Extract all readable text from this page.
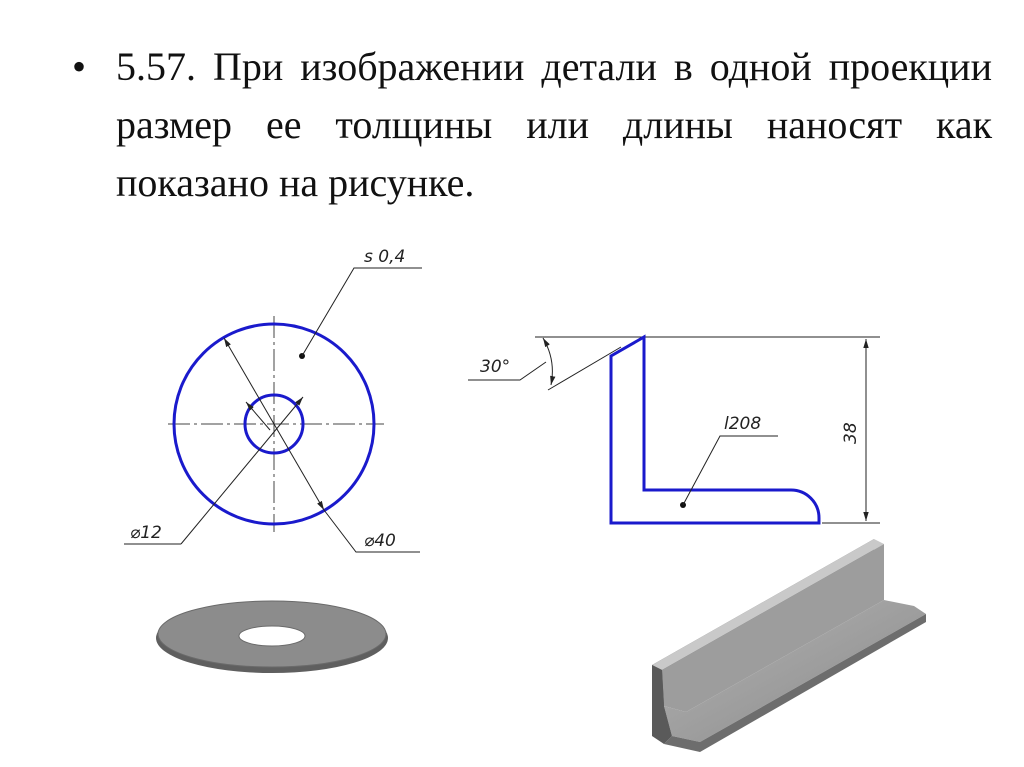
• 5.57. При изображении детали в одной проекции размер ее толщины или длины наносят как показано на рисунке.
⌀40
⌀12
s 0,4
38
30°
l208
